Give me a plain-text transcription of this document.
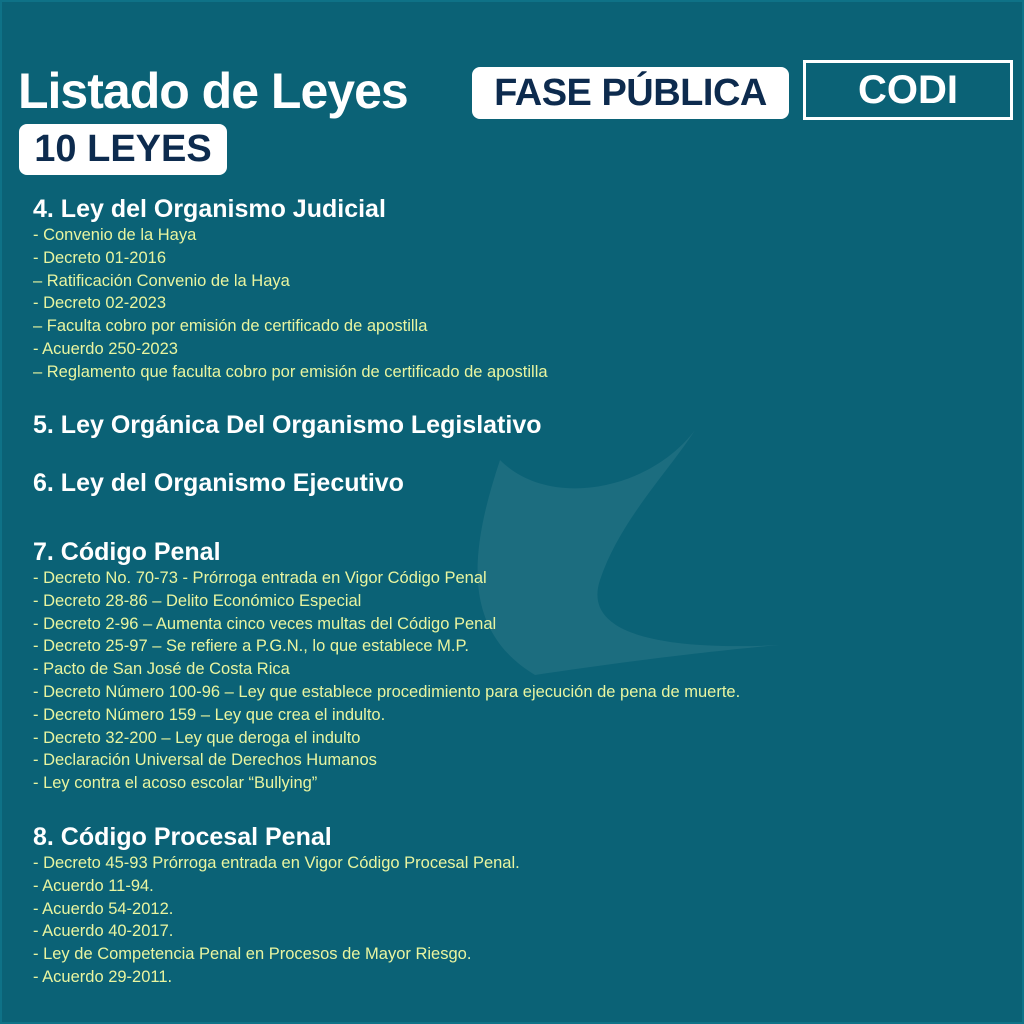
Listado de Leyes	FASE PÚBLICA	CODI
10 LEYES
4. Ley del Organismo Judicial
- Convenio de la Haya
- Decreto 01-2016
– Ratificación Convenio de la Haya
- Decreto 02-2023
– Faculta cobro por emisión de certificado de apostilla
- Acuerdo 250-2023
– Reglamento que faculta cobro por emisión de certificado de apostilla
5. Ley Orgánica Del Organismo Legislativo
6. Ley del Organismo Ejecutivo
7. Código Penal
- Decreto No. 70-73 - Prórroga entrada en Vigor Código Penal
- Decreto 28-86 – Delito Económico Especial
- Decreto 2-96 – Aumenta cinco veces multas del Código Penal
- Decreto 25-97 – Se refiere a P.G.N., lo que establece M.P.
- Pacto de San José de Costa Rica
- Decreto Número 100-96 – Ley que establece procedimiento para ejecución de pena de muerte.
- Decreto Número 159 – Ley que crea el indulto.
- Decreto 32-200 – Ley que deroga el indulto
- Declaración Universal de Derechos Humanos
- Ley contra el acoso escolar “Bullying”
8. Código Procesal Penal
- Decreto 45-93 Prórroga entrada en Vigor Código Procesal Penal.
- Acuerdo 11-94.
- Acuerdo 54-2012.
- Acuerdo 40-2017.
- Ley de Competencia Penal en Procesos de Mayor Riesgo.
- Acuerdo 29-2011.
